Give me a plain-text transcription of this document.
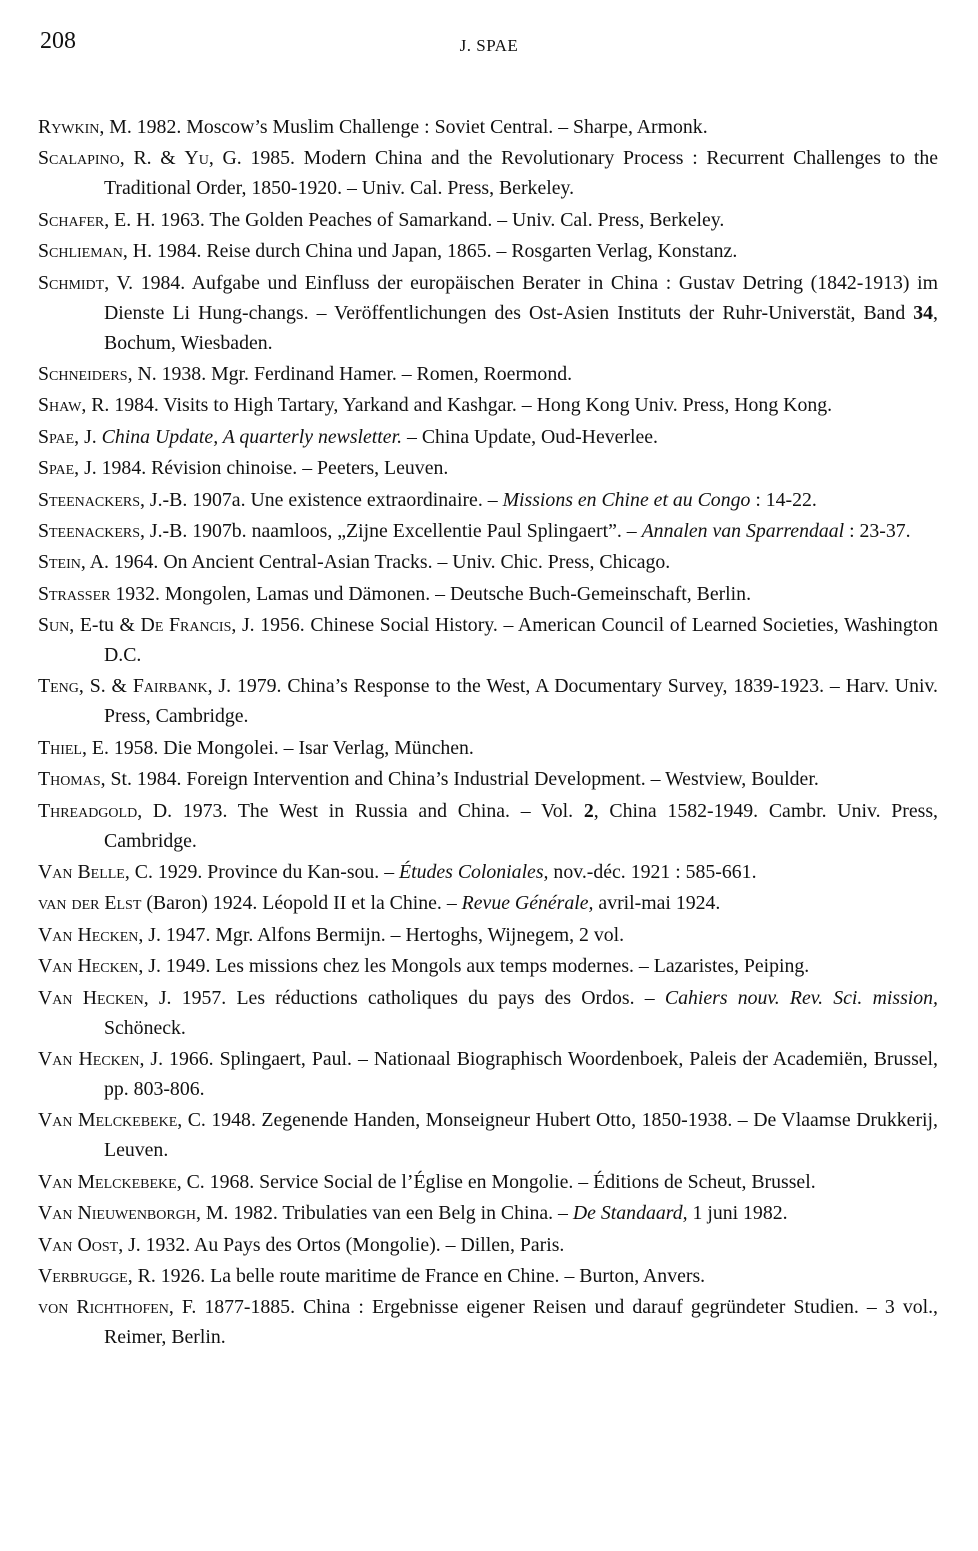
208	J. SPAE

Rywkin, M. 1982. Moscow’s Muslim Challenge : Soviet Central. – Sharpe, Armonk.

Scalapino, R. & Yu, G. 1985. Modern China and the Revolutionary Process : Recurrent Challenges to the Traditional Order, 1850-1920. – Univ. Cal. Press, Berkeley.

Schafer, E. H. 1963. The Golden Peaches of Samarkand. – Univ. Cal. Press, Berkeley.

Schlieman, H. 1984. Reise durch China und Japan, 1865. – Rosgarten Verlag, Konstanz.

Schmidt, V. 1984. Aufgabe und Einfluss der europäischen Berater in China : Gustav Detring (1842-1913) im Dienste Li Hung-changs. – Veröffentlichungen des Ost-Asien Instituts der Ruhr-Universtät, Band 34, Bochum, Wiesbaden.

Schneiders, N. 1938. Mgr. Ferdinand Hamer. – Romen, Roermond.

Shaw, R. 1984. Visits to High Tartary, Yarkand and Kashgar. – Hong Kong Univ. Press, Hong Kong.

Spae, J. China Update, A quarterly newsletter. – China Update, Oud-Heverlee.

Spae, J. 1984. Révision chinoise. – Peeters, Leuven.

Steenackers, J.-B. 1907a. Une existence extraordinaire. – Missions en Chine et au Congo : 14-22.

Steenackers, J.-B. 1907b. naamloos, „Zijne Excellentie Paul Splingaert”. – Annalen van Sparrendaal : 23-37.

Stein, A. 1964. On Ancient Central-Asian Tracks. – Univ. Chic. Press, Chicago.

Strasser 1932. Mongolen, Lamas und Dämonen. – Deutsche Buch-Gemeinschaft, Berlin.

Sun, E-tu & De Francis, J. 1956. Chinese Social History. – American Council of Learned Societies, Washington D.C.

Teng, S. & Fairbank, J. 1979. China’s Response to the West, A Documentary Survey, 1839-1923. – Harv. Univ. Press, Cambridge.

Thiel, E. 1958. Die Mongolei. – Isar Verlag, München.

Thomas, St. 1984. Foreign Intervention and China’s Industrial Development. – Westview, Boulder.

Threadgold, D. 1973. The West in Russia and China. – Vol. 2, China 1582-1949. Cambr. Univ. Press, Cambridge.

Van Belle, C. 1929. Province du Kan-sou. – Études Coloniales, nov.-déc. 1921 : 585-661.

van der Elst (Baron) 1924. Léopold II et la Chine. – Revue Générale, avril-mai 1924.

Van Hecken, J. 1947. Mgr. Alfons Bermijn. – Hertoghs, Wijnegem, 2 vol.

Van Hecken, J. 1949. Les missions chez les Mongols aux temps modernes. – Lazaristes, Peiping.

Van Hecken, J. 1957. Les réductions catholiques du pays des Ordos. – Cahiers nouv. Rev. Sci. mission, Schöneck.

Van Hecken, J. 1966. Splingaert, Paul. – Nationaal Biographisch Woordenboek, Paleis der Academiën, Brussel, pp. 803-806.

Van Melckebeke, C. 1948. Zegenende Handen, Monseigneur Hubert Otto, 1850-1938. – De Vlaamse Drukkerij, Leuven.

Van Melckebeke, C. 1968. Service Social de l’Église en Mongolie. – Éditions de Scheut, Brussel.

Van Nieuwenborgh, M. 1982. Tribulaties van een Belg in China. – De Standaard, 1 juni 1982.

Van Oost, J. 1932. Au Pays des Ortos (Mongolie). – Dillen, Paris.

Verbrugge, R. 1926. La belle route maritime de France en Chine. – Burton, Anvers.

von Richthofen, F. 1877-1885. China : Ergebnisse eigener Reisen und darauf gegründeter Studien. – 3 vol., Reimer, Berlin.
